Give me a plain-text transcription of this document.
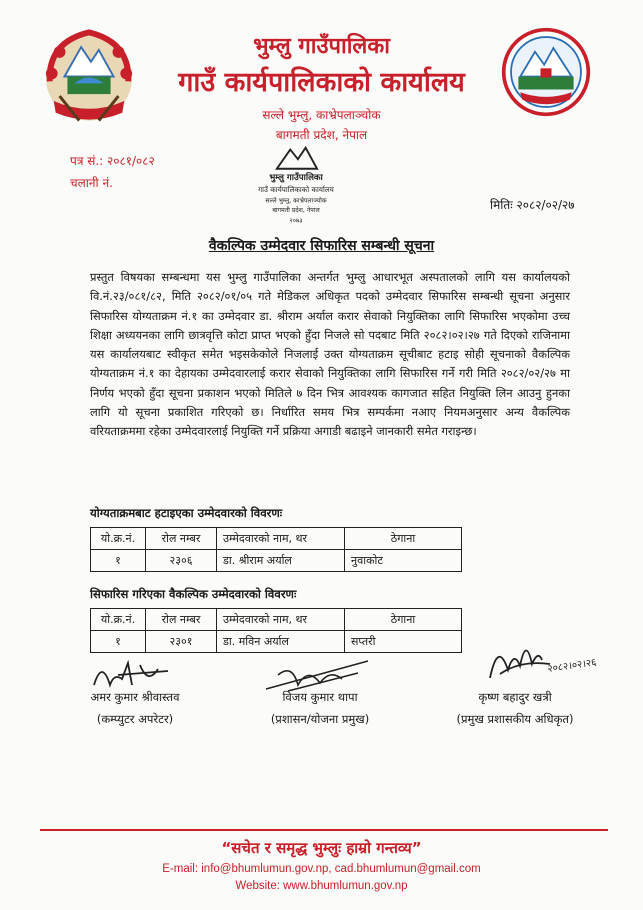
भुम्लु गाउँपालिका
गाउँ कार्यपालिकाको कार्यालय
सल्ले भुम्लु, काभ्रेपलाञ्चोक
बागमती प्रदेश, नेपाल
पत्र सं.: २०८१/०८२
चलानी नं.	भुम्लु गाउँपालिका
गाउँ कार्यपालिकाको कार्यालय
सल्ले भुम्लु, काभ्रेपलाञ्चोक
बागमती प्रदेश, नेपाल
२०७३
मितिः २०८२/०२/२७
वैकल्पिक उम्मेदवार सिफारिस सम्बन्धी सूचना
प्रस्तुत विषयका सम्बन्धमा यस भुम्लु गाउँपालिका अन्तर्गत भुम्लु आधारभूत अस्पतालको लागि यस कार्यालयको वि.नं.२३/०८१/८२, मिति २०८२/०१/०५ गते मेडिकल अधिकृत पदको उम्मेदवार सिफारिस सम्बन्धी सूचना अनुसार सिफारिस योग्यताक्रम नं.१ का उम्मेदवार डा. श्रीराम अर्याल करार सेवाको नियुक्तिका लागि सिफारिस भएकोमा उच्च शिक्षा अध्ययनका लागि छात्रवृत्ति कोटा प्राप्त भएको हुँदा निजले सो पदबाट मिति २०८२।०२।२७ गते दिएको राजिनामा यस कार्यालयबाट स्वीकृत समेत भइसकेकोले निजलाई उक्त योग्यताक्रम सूचीबाट हटाइ सोही सूचनाको वैकल्पिक योग्यताक्रम नं.१ का देहायका उम्मेदवारलाई करार सेवाको नियुक्तिका लागि सिफारिस गर्ने गरी मिति २०८२/०२/२७ मा निर्णय भएको हुँदा सूचना प्रकाशन भएको मितिले ७ दिन भित्र आवश्यक कागजात सहित नियुक्ति लिन आउनु हुनका लागि यो सूचना प्रकाशित गरिएको छ। निर्धारित समय भित्र सम्पर्कमा नआए नियमअनुसार अन्य वैकल्पिक वरियताक्रममा रहेका उम्मेदवारलाई नियुक्ति गर्ने प्रक्रिया अगाडी बढाइने जानकारी समेत गराइन्छ।
योग्यताक्रमबाट हटाइएका उम्मेदवारको विवरणः
यो.क्र.नं.	रोल नम्बर	उम्मेदवारको नाम, थर	ठेगाना
१	२३०६	डा. श्रीराम अर्याल	नुवाकोट
सिफारिस गरिएका वैकल्पिक उम्मेदवारको विवरणः
यो.क्र.नं.	रोल नम्बर	उम्मेदवारको नाम, थर	ठेगाना
१	२३०१	डा. मविन अर्याल	सप्तरी
२०८२।०२।२६
अमर कुमार श्रीवास्तव
(कम्प्युटर अपरेटर)
विजय कुमार थापा
(प्रशासन/योजना प्रमुख)
कृष्ण बहादुर खत्री
(प्रमुख प्रशासकीय अधिकृत)
“सचेत र समृद्ध भुम्लुः हाम्रो गन्तव्य”
E-mail: info@bhumlumun.gov.np, cad.bhumlumun@gmail.com
Website: www.bhumlumun.gov.np
